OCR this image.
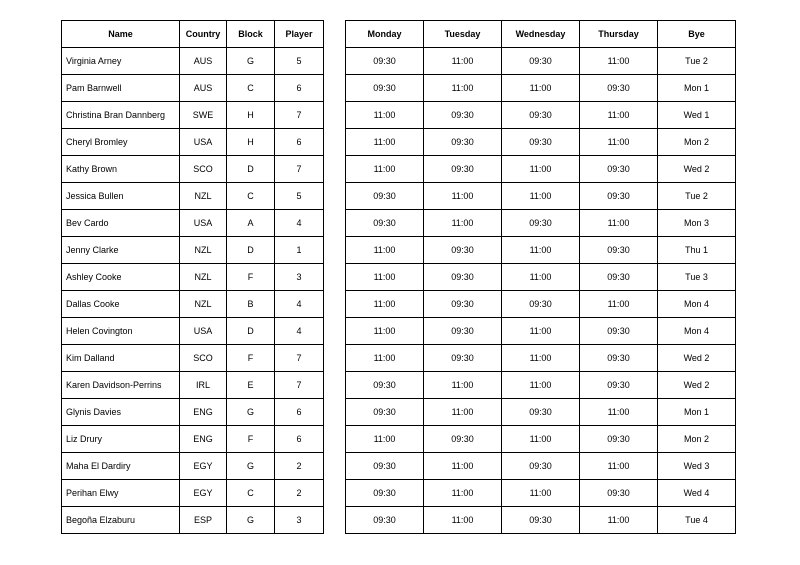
Name	Country	Block	Player
Virginia Arney	AUS	G	5
Pam Barnwell	AUS	C	6
Christina Bran Dannberg	SWE	H	7
Cheryl Bromley	USA	H	6
Kathy Brown	SCO	D	7
Jessica Bullen	NZL	C	5
Bev Cardo	USA	A	4
Jenny Clarke	NZL	D	1
Ashley Cooke	NZL	F	3
Dallas Cooke	NZL	B	4
Helen Covington	USA	D	4
Kim Dalland	SCO	F	7
Karen Davidson-Perrins	IRL	E	7
Glynis Davies	ENG	G	6
Liz Drury	ENG	F	6
Maha El Dardiry	EGY	G	2
Perihan Elwy	EGY	C	2
Begoña Elzaburu	ESP	G	3
Monday	Tuesday	Wednesday	Thursday	Bye
09:30	11:00	09:30	11:00	Tue 2
09:30	11:00	11:00	09:30	Mon 1
11:00	09:30	09:30	11:00	Wed 1
11:00	09:30	09:30	11:00	Mon 2
11:00	09:30	11:00	09:30	Wed 2
09:30	11:00	11:00	09:30	Tue 2
09:30	11:00	09:30	11:00	Mon 3
11:00	09:30	11:00	09:30	Thu 1
11:00	09:30	11:00	09:30	Tue 3
11:00	09:30	09:30	11:00	Mon 4
11:00	09:30	11:00	09:30	Mon 4
11:00	09:30	11:00	09:30	Wed 2
09:30	11:00	11:00	09:30	Wed 2
09:30	11:00	09:30	11:00	Mon 1
11:00	09:30	11:00	09:30	Mon 2
09:30	11:00	09:30	11:00	Wed 3
09:30	11:00	11:00	09:30	Wed 4
09:30	11:00	09:30	11:00	Tue 4
